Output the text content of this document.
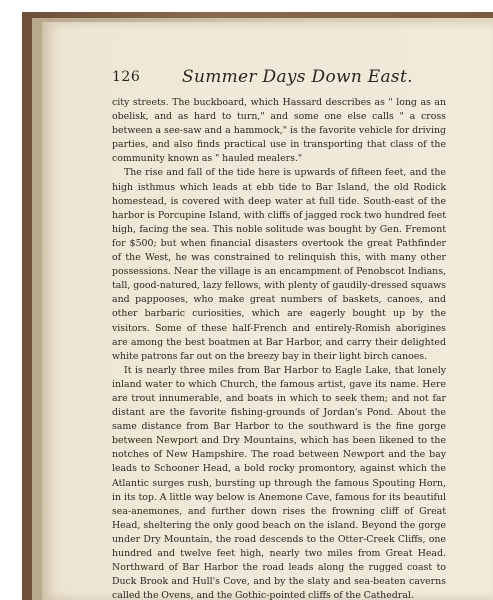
126 Summer Days Down East.

city streets. The buckboard, which Hassard describes as " long as an obelisk, and as hard to turn," and some one else calls " a cross between a see-saw and a hammock," is the favorite vehicle for driving parties, and also finds practical use in transporting that class of the community known as " hauled mealers."

The rise and fall of the tide here is upwards of fifteen feet, and the high isthmus which leads at ebb tide to Bar Island, the old Rodick homestead, is covered with deep water at full tide. South-east of the harbor is Porcupine Island, with cliffs of jagged rock two hundred feet high, facing the sea. This noble solitude was bought by Gen. Fremont for $500; but when financial disasters overtook the great Pathfinder of the West, he was constrained to relinquish this, with many other possessions. Near the village is an encampment of Penobscot Indians, tall, good-natured, lazy fellows, with plenty of gaudily-dressed squaws and pappooses, who make great numbers of baskets, canoes, and other barbaric curiosities, which are eagerly bought up by the visitors. Some of these half-French and entirely-Romish aborigines are among the best boatmen at Bar Harbor, and carry their delighted white patrons far out on the breezy bay in their light birch canoes.

It is nearly three miles from Bar Harbor to Eagle Lake, that lonely inland water to which Church, the famous artist, gave its name. Here are trout innumerable, and boats in which to seek them; and not far distant are the favorite fishing-grounds of Jordan's Pond. About the same distance from Bar Harbor to the southward is the fine gorge between Newport and Dry Mountains, which has been likened to the notches of New Hampshire. The road between Newport and the bay leads to Schooner Head, a bold rocky promontory, against which the Atlantic surges rush, bursting up through the famous Spouting Horn, in its top. A little way below is Anemone Cave, famous for its beautiful sea-anemones, and further down rises the frowning cliff of Great Head, sheltering the only good beach on the island. Beyond the gorge under Dry Mountain, the road descends to the Otter-Creek Cliffs, one hundred and twelve feet high, nearly two miles from Great Head. Northward of Bar Harbor the road leads along the rugged coast to Duck Brook and Hull's Cove, and by the slaty and sea-beaten caverns called the Ovens, and the Gothic-pointed cliffs of the Cathedral.
